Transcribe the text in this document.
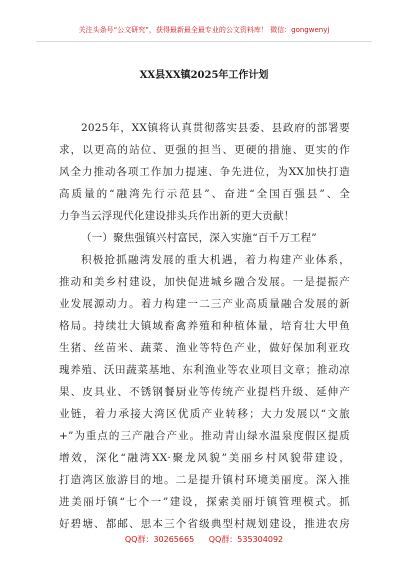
关注头条号“公文研究”，获得最新最全最专业的公文资料库！ 微信：gongwenyj
XX县XX镇2025年工作计划
2025年，XX镇将认真贯彻落实县委、县政府的部署要
求，以更高的站位、更强的担当、更硬的措施、更实的作
风全力推动各项工作加力提速、争先进位，为XX加快打造
高质量的“融湾先行示范县”、奋进“全国百强县”、全
力争当云浮现代化建设排头兵作出新的更大贡献！
（一）聚焦强镇兴村富民，深入实施“百千万工程”
积极抢抓融湾发展的重大机遇，着力构建产业体系，
推动和美乡村建设，加快促进城乡融合发展。一是提振产
业发展源动力。着力构建一二三产业高质量融合发展的新
格局。持续壮大镇域畜禽养殖和种植体量，培育壮大甲鱼
生猪、丝苗米、蔬菜、渔业等特色产业，做好保加利亚玫
瑰养殖、沃田蔬菜基地、东利渔业等农业项目文章；推动凉
果、皮具业、不锈钢餐厨业等传统产业提档升级、延伸产
业链，着力承接大湾区优质产业转移；大力发展以“文旅
+”为重点的三产融合产业。推动青山绿水温泉度假区提质
增效，深化“融湾XX·聚龙风貌”美丽乡村风貌带建设，
打造湾区旅游目的地。二是提升镇村环境美丽度。深入推
进美丽圩镇“七个一”建设，探索美丽圩镇管理模式。抓
好碧塘、都邮、思本三个省级典型村规划建设，推进农房
QQ群：30265665 QQ群：535304092
